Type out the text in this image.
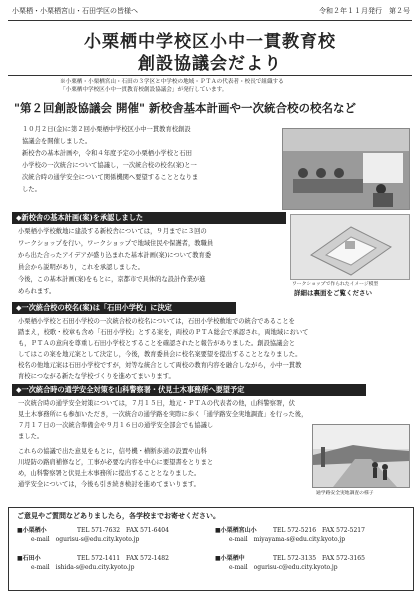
小栗栖・小栗栖宮山・石田学区の皆様へ	令和２年１１月発行　第２号
小栗栖中学校区小中一貫教育校
創設協議会だより
※小栗栖・小栗栖宮山・石田の３学区と中学校の地域・ＰＴＡの代表者・校長で組織する
「小栗栖中学校区小中一貫教育校創設協議会」が発行しています。
"第２回創設協議会 開催" 新校舎基本計画や一次統合校の校名など
１０月２日(金)に第２回小栗栖中学校区小中一貫教育校創設
協議会を開催しました。
新校舎の基本計画や，令和４年度予定の小栗栖小学校と石田
小学校の一次統合について協議し，一次統合校の校名(案)と一
次統合時の通学安全について関係機関へ要望することとなりま
した。
◆新校舎の基本計画(案)を承認しました
小栗栖小学校敷地に建設する新校舎については，９月までに３回の
ワークショップを行い，ワークショップで地域住民や保護者，教職員
から出た合ったアイデアが盛り込まれた基本計画(案)について教育委
員会から説明があり，これを承認しました。
今後，この基本計画(案)をもとに，京都市で具体的な設計作業が進
められます。
ワークショップで作られたイメージ模型
詳細は裏面をご覧ください
◆一次統合校の校名(案)は「石田小学校」に決定
小栗栖小学校と石田小学校の一次統合校の校名については，石田小学校敷地での統合であることを
踏まえ，校歌・校章も含め「石田小学校」とする案を，両校のＰＴＡ総会で承認され，両地域において
も，ＰＴＡの意向を尊重し石田小学校とすることを確認されたと報告がありました。創設協議会と
してはこの案を地元案として決定し，今後，教育委員会に校名案要望を提出することとなりました。
校名の他地元案は石田小学校ですが，対等な統合として両校の教育内容を融合しながら，小中一貫教
育校につながる新たな学校づくりを進めてまいります。
◆一次統合時の通学安全対策を山科警察署・伏見土木事務所へ要望予定
一次統合時の通学安全対策については，７月１５日，地元・ＰＴＡの代表者の他，山科警察署，伏
見土木事務所にも参加いただき，一次統合の通学路を実際に歩く「通学路安全実地調査」を行った後，
７月１７日の一次統合準備会や９月１６日の通学安全部会でも協議し
ました。
これらの協議で出た意見をもとに，信号機・横断歩道の設置や山科
川堤防の路肩補修など，工事が必要な内容を中心に要望書をとりまと
め，山科警察署と伏見土木事務所に提出することとなりました。
通学安全については，今後も引き続き検討を進めてまいります。
通学路安全実地調査の様子
ご意見やご質問などありましたら，各学校までお寄せください。
■小栗栖小	TEL 571-7632　FAX 571-6404
e-mail　ogurisu-s@edu.city.kyoto.jp
■小栗栖宮山小	TEL 572-5216　FAX 572-5217
e-mail　miyayama-s@edu.city.kyoto.jp
■石田小	TEL 572-1411　FAX 572-1482
e-mail　ishida-s@edu.city.kyoto.jp
■小栗栖中	TEL 572-3135　FAX 572-3165
e-mail　ogurisu-c@edu.city.kyoto.jp
